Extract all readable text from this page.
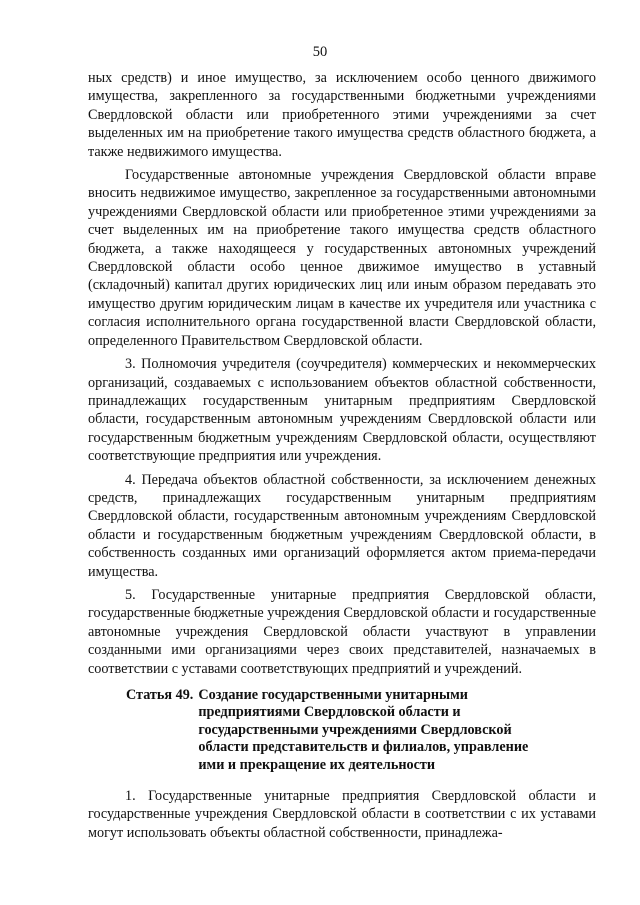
50

ных средств) и иное имущество, за исключением особо ценного движимого имущества, закрепленного за государственными бюджетными учреждениями Свердловской области или приобретенного этими учреждениями за счет выделенных им на приобретение такого имущества средств областного бюджета, а также недвижимого имущества.

Государственные автономные учреждения Свердловской области вправе вносить недвижимое имущество, закрепленное за государственными автономными учреждениями Свердловской области или приобретенное этими учреждениями за счет выделенных им на приобретение такого имущества средств областного бюджета, а также находящееся у государственных автономных учреждений Свердловской области особо ценное движимое имущество в уставный (складочный) капитал других юридических лиц или иным образом передавать это имущество другим юридическим лицам в качестве их учредителя или участника с согласия исполнительного органа государственной власти Свердловской области, определенного Правительством Свердловской области.

3. Полномочия учредителя (соучредителя) коммерческих и некоммерческих организаций, создаваемых с использованием объектов областной собственности, принадлежащих государственным унитарным предприятиям Свердловской области, государственным автономным учреждениям Свердловской области или государственным бюджетным учреждениям Свердловской области, осуществляют соответствующие предприятия или учреждения.

4. Передача объектов областной собственности, за исключением денежных средств, принадлежащих государственным унитарным предприятиям Свердловской области, государственным автономным учреждениям Свердловской области и государственным бюджетным учреждениям Свердловской области, в собственность созданных ими организаций оформляется актом приема-передачи имущества.

5. Государственные унитарные предприятия Свердловской области, государственные бюджетные учреждения Свердловской области и государственные автономные учреждения Свердловской области участвуют в управлении созданными ими организациями через своих представителей, назначаемых в соответствии с уставами соответствующих предприятий и учреждений.

Статья 49. Создание государственными унитарными
предприятиями Свердловской области и
государственными учреждениями Свердловской
области представительств и филиалов, управление
ими и прекращение их деятельности

1. Государственные унитарные предприятия Свердловской области и государственные учреждения Свердловской области в соответствии с их уставами могут использовать объекты областной собственности, принадлежа-
